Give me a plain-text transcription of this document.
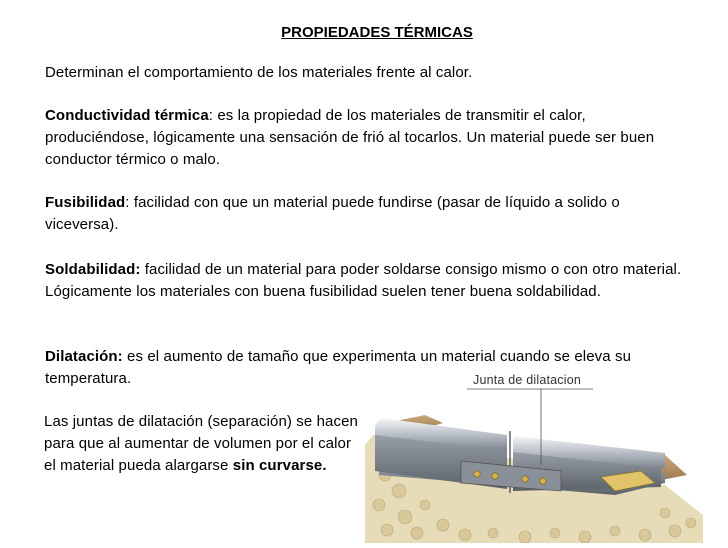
PROPIEDADES TÉRMICAS
Determinan el comportamiento de los materiales frente al calor.
Conductividad térmica: es la propiedad de los materiales de transmitir el calor, produciéndose, lógicamente una sensación de frió al tocarlos. Un material puede ser buen conductor térmico o malo.
Fusibilidad: facilidad con que un material puede fundirse (pasar de líquido a solido o viceversa).
Soldabilidad: facilidad de un material para poder soldarse consigo mismo o con otro material. Lógicamente los materiales con buena fusibilidad suelen tener buena soldabilidad.
Dilatación: es el aumento de tamaño que experimenta un material cuando se eleva su temperatura.
Las juntas de dilatación (separación) se hacen para que al aumentar de volumen por el calor el material pueda alargarse sin curvarse.
Junta de dilatacion
